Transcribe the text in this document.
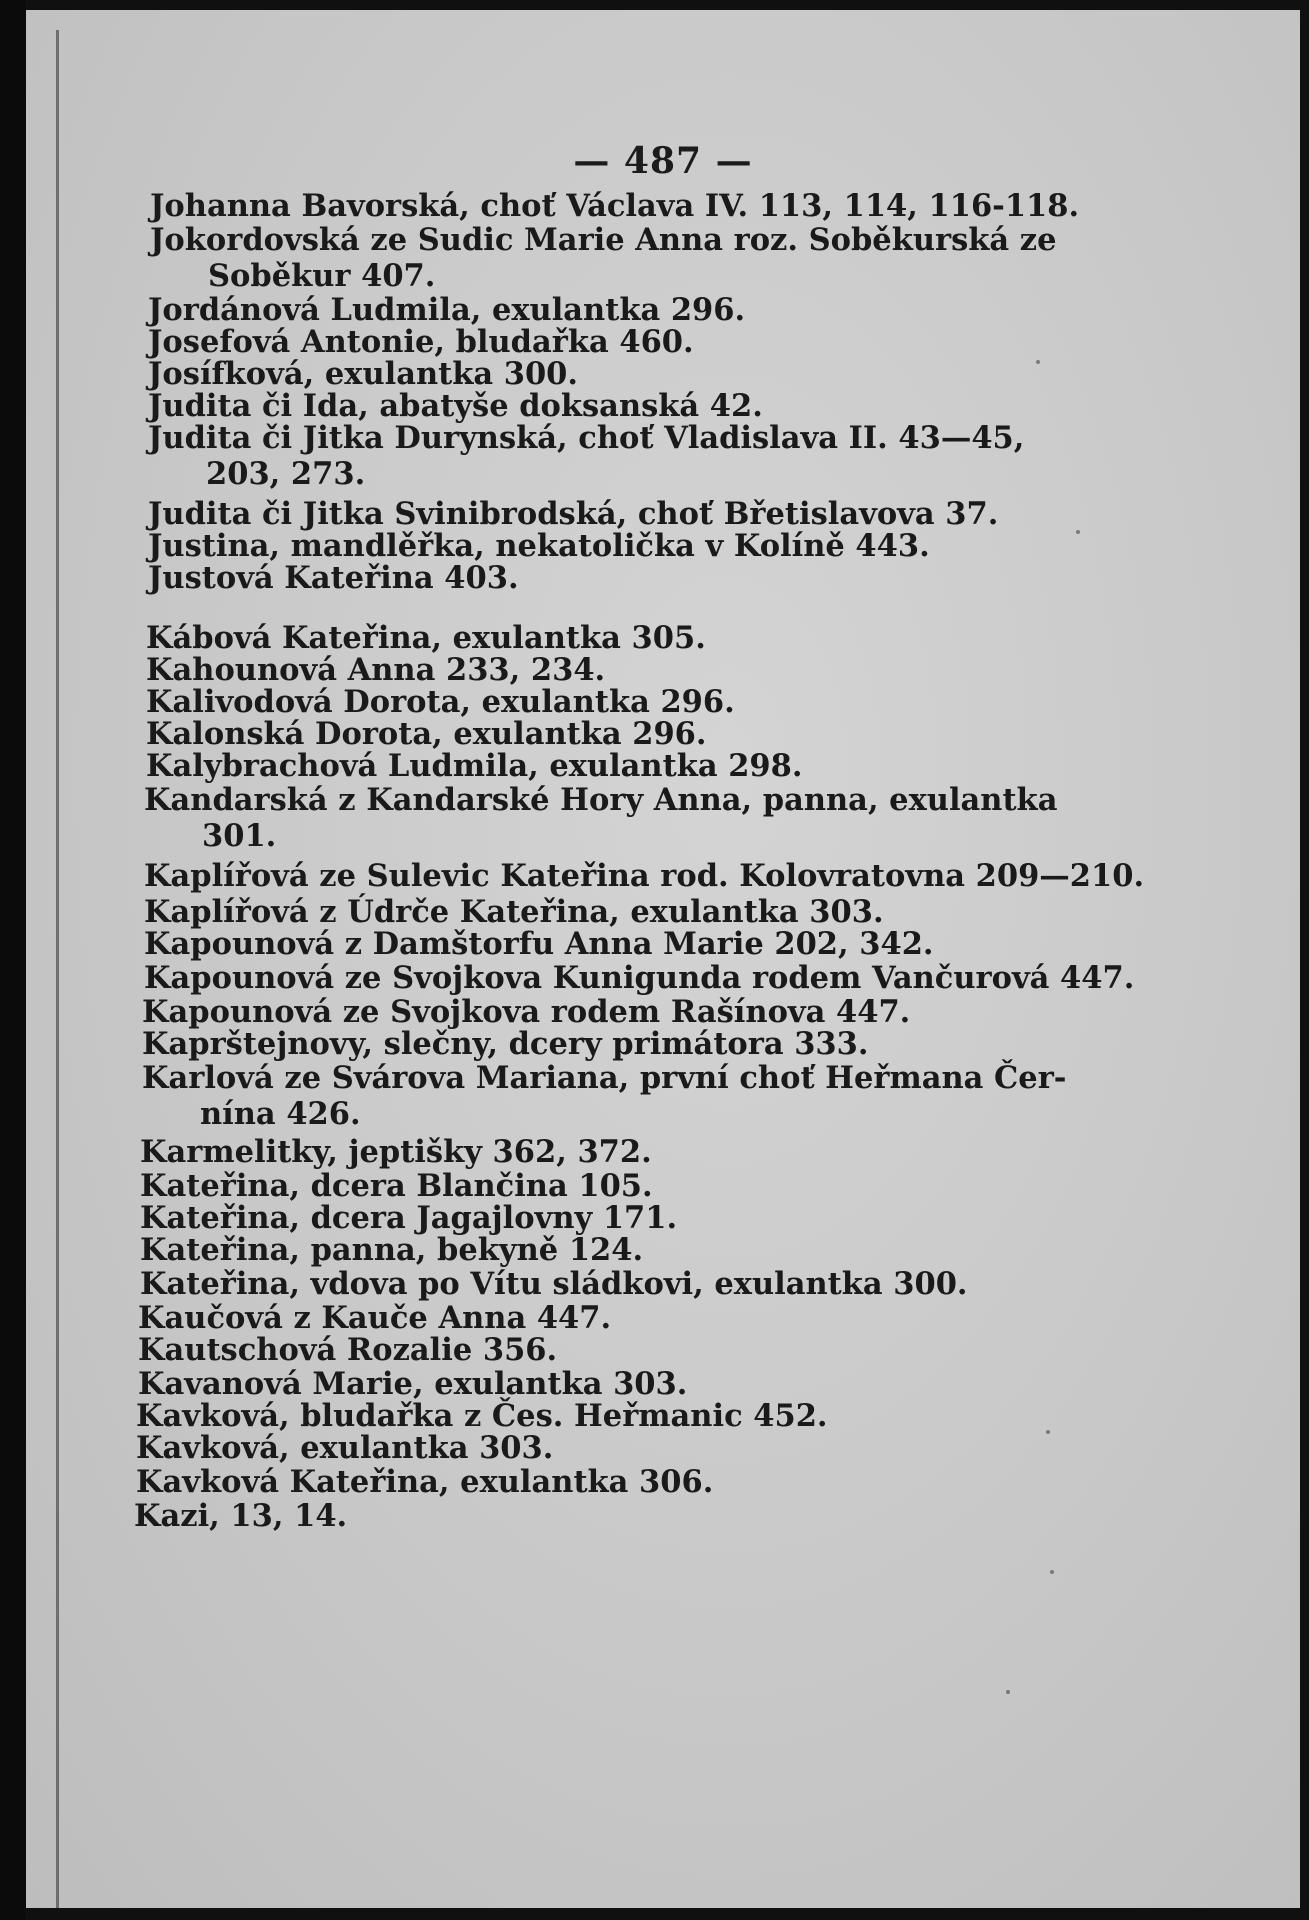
— 487 —
Johanna Bavorská, choť Václava IV. 113, 114, 116-118.
Jokordovská ze Sudic Marie Anna roz. Soběkurská ze
Soběkur 407.
Jordánová Ludmila, exulantka 296.
Josefová Antonie, bludařka 460.
Josífková, exulantka 300.
Judita či Ida, abatyše doksanská 42.
Judita či Jitka Durynská, choť Vladislava II. 43—45,
203, 273.
Judita či Jitka Svinibrodská, choť Břetislavova 37.
Justina, mandlěřka, nekatolička v Kolíně 443.
Justová Kateřina 403.
Kábová Kateřina, exulantka 305.
Kahounová Anna 233, 234.
Kalivodová Dorota, exulantka 296.
Kalonská Dorota, exulantka 296.
Kalybrachová Ludmila, exulantka 298.
Kandarská z Kandarské Hory Anna, panna, exulantka
301.
Kaplířová ze Sulevic Kateřina rod. Kolovratovna 209—210.
Kaplířová z Údrče Kateřina, exulantka 303.
Kapounová z Damštorfu Anna Marie 202, 342.
Kapounová ze Svojkova Kunigunda rodem Vančurová 447.
Kapounová ze Svojkova rodem Rašínova 447.
Kaprštejnovy, slečny, dcery primátora 333.
Karlová ze Svárova Mariana, první choť Heřmana Čer-
nína 426.
Karmelitky, jeptišky 362, 372.
Kateřina, dcera Blančina 105.
Kateřina, dcera Jagajlovny 171.
Kateřina, panna, bekyně 124.
Kateřina, vdova po Vítu sládkovi, exulantka 300.
Kaučová z Kauče Anna 447.
Kautschová Rozalie 356.
Kavanová Marie, exulantka 303.
Kavková, bludařka z Čes. Heřmanic 452.
Kavková, exulantka 303.
Kavková Kateřina, exulantka 306.
Kazi, 13, 14.
